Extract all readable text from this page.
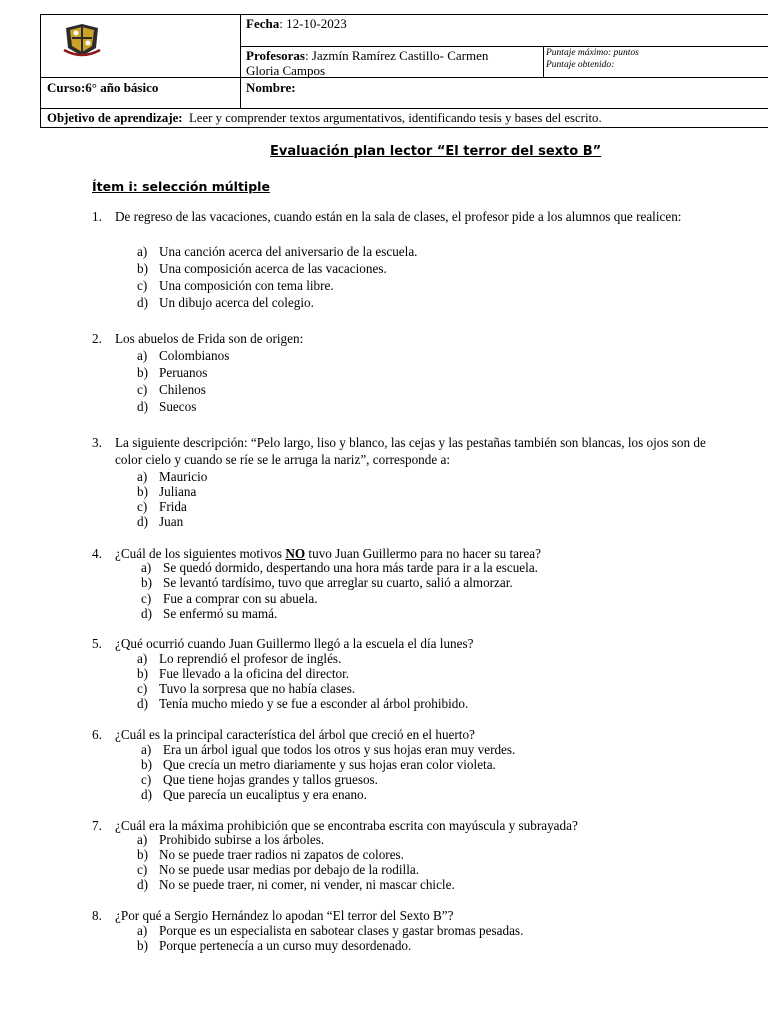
Fecha: 12-10-2023
Profesoras: Jazmín Ramírez Castillo- Carmen
Gloria Campos
Puntaje máximo: puntos
Puntaje obtenido:
Curso:6° año básico	Nombre:
Objetivo de aprendizaje: Leer y comprender textos argumentativos, identificando tesis y bases del escrito.
Evaluación plan lector “El terror del sexto B”
Ítem i: selección múltiple
1. De regreso de las vacaciones, cuando están en la sala de clases, el profesor pide a los alumnos que realicen:
a) Una canción acerca del aniversario de la escuela.
b) Una composición acerca de las vacaciones.
c) Una composición con tema libre.
d) Un dibujo acerca del colegio.
2. Los abuelos de Frida son de origen:
a) Colombianos
b) Peruanos
c) Chilenos
d) Suecos
3. La siguiente descripción: “Pelo largo, liso y blanco, las cejas y las pestañas también son blancas, los ojos son de color cielo y cuando se ríe se le arruga la nariz”, corresponde a:
a) Mauricio
b) Juliana
c) Frida
d) Juan
4. ¿Cuál de los siguientes motivos NO tuvo Juan Guillermo para no hacer su tarea?
a) Se quedó dormido, despertando una hora más tarde para ir a la escuela.
b) Se levantó tardísimo, tuvo que arreglar su cuarto, salió a almorzar.
c) Fue a comprar con su abuela.
d) Se enfermó su mamá.
5. ¿Qué ocurrió cuando Juan Guillermo llegó a la escuela el día lunes?
a) Lo reprendió el profesor de inglés.
b) Fue llevado a la oficina del director.
c) Tuvo la sorpresa que no había clases.
d) Tenía mucho miedo y se fue a esconder al árbol prohibido.
6. ¿Cuál es la principal característica del árbol que creció en el huerto?
a) Era un árbol igual que todos los otros y sus hojas eran muy verdes.
b) Que crecía un metro diariamente y sus hojas eran color violeta.
c) Que tiene hojas grandes y tallos gruesos.
d) Que parecía un eucaliptus y era enano.
7. ¿Cuál era la máxima prohibición que se encontraba escrita con mayúscula y subrayada?
a) Prohibido subirse a los árboles.
b) No se puede traer radios ni zapatos de colores.
c) No se puede usar medias por debajo de la rodilla.
d) No se puede traer, ni comer, ni vender, ni mascar chicle.
8. ¿Por qué a Sergio Hernández lo apodan “El terror del Sexto B”?
a) Porque es un especialista en sabotear clases y gastar bromas pesadas.
b) Porque pertenecía a un curso muy desordenado.
